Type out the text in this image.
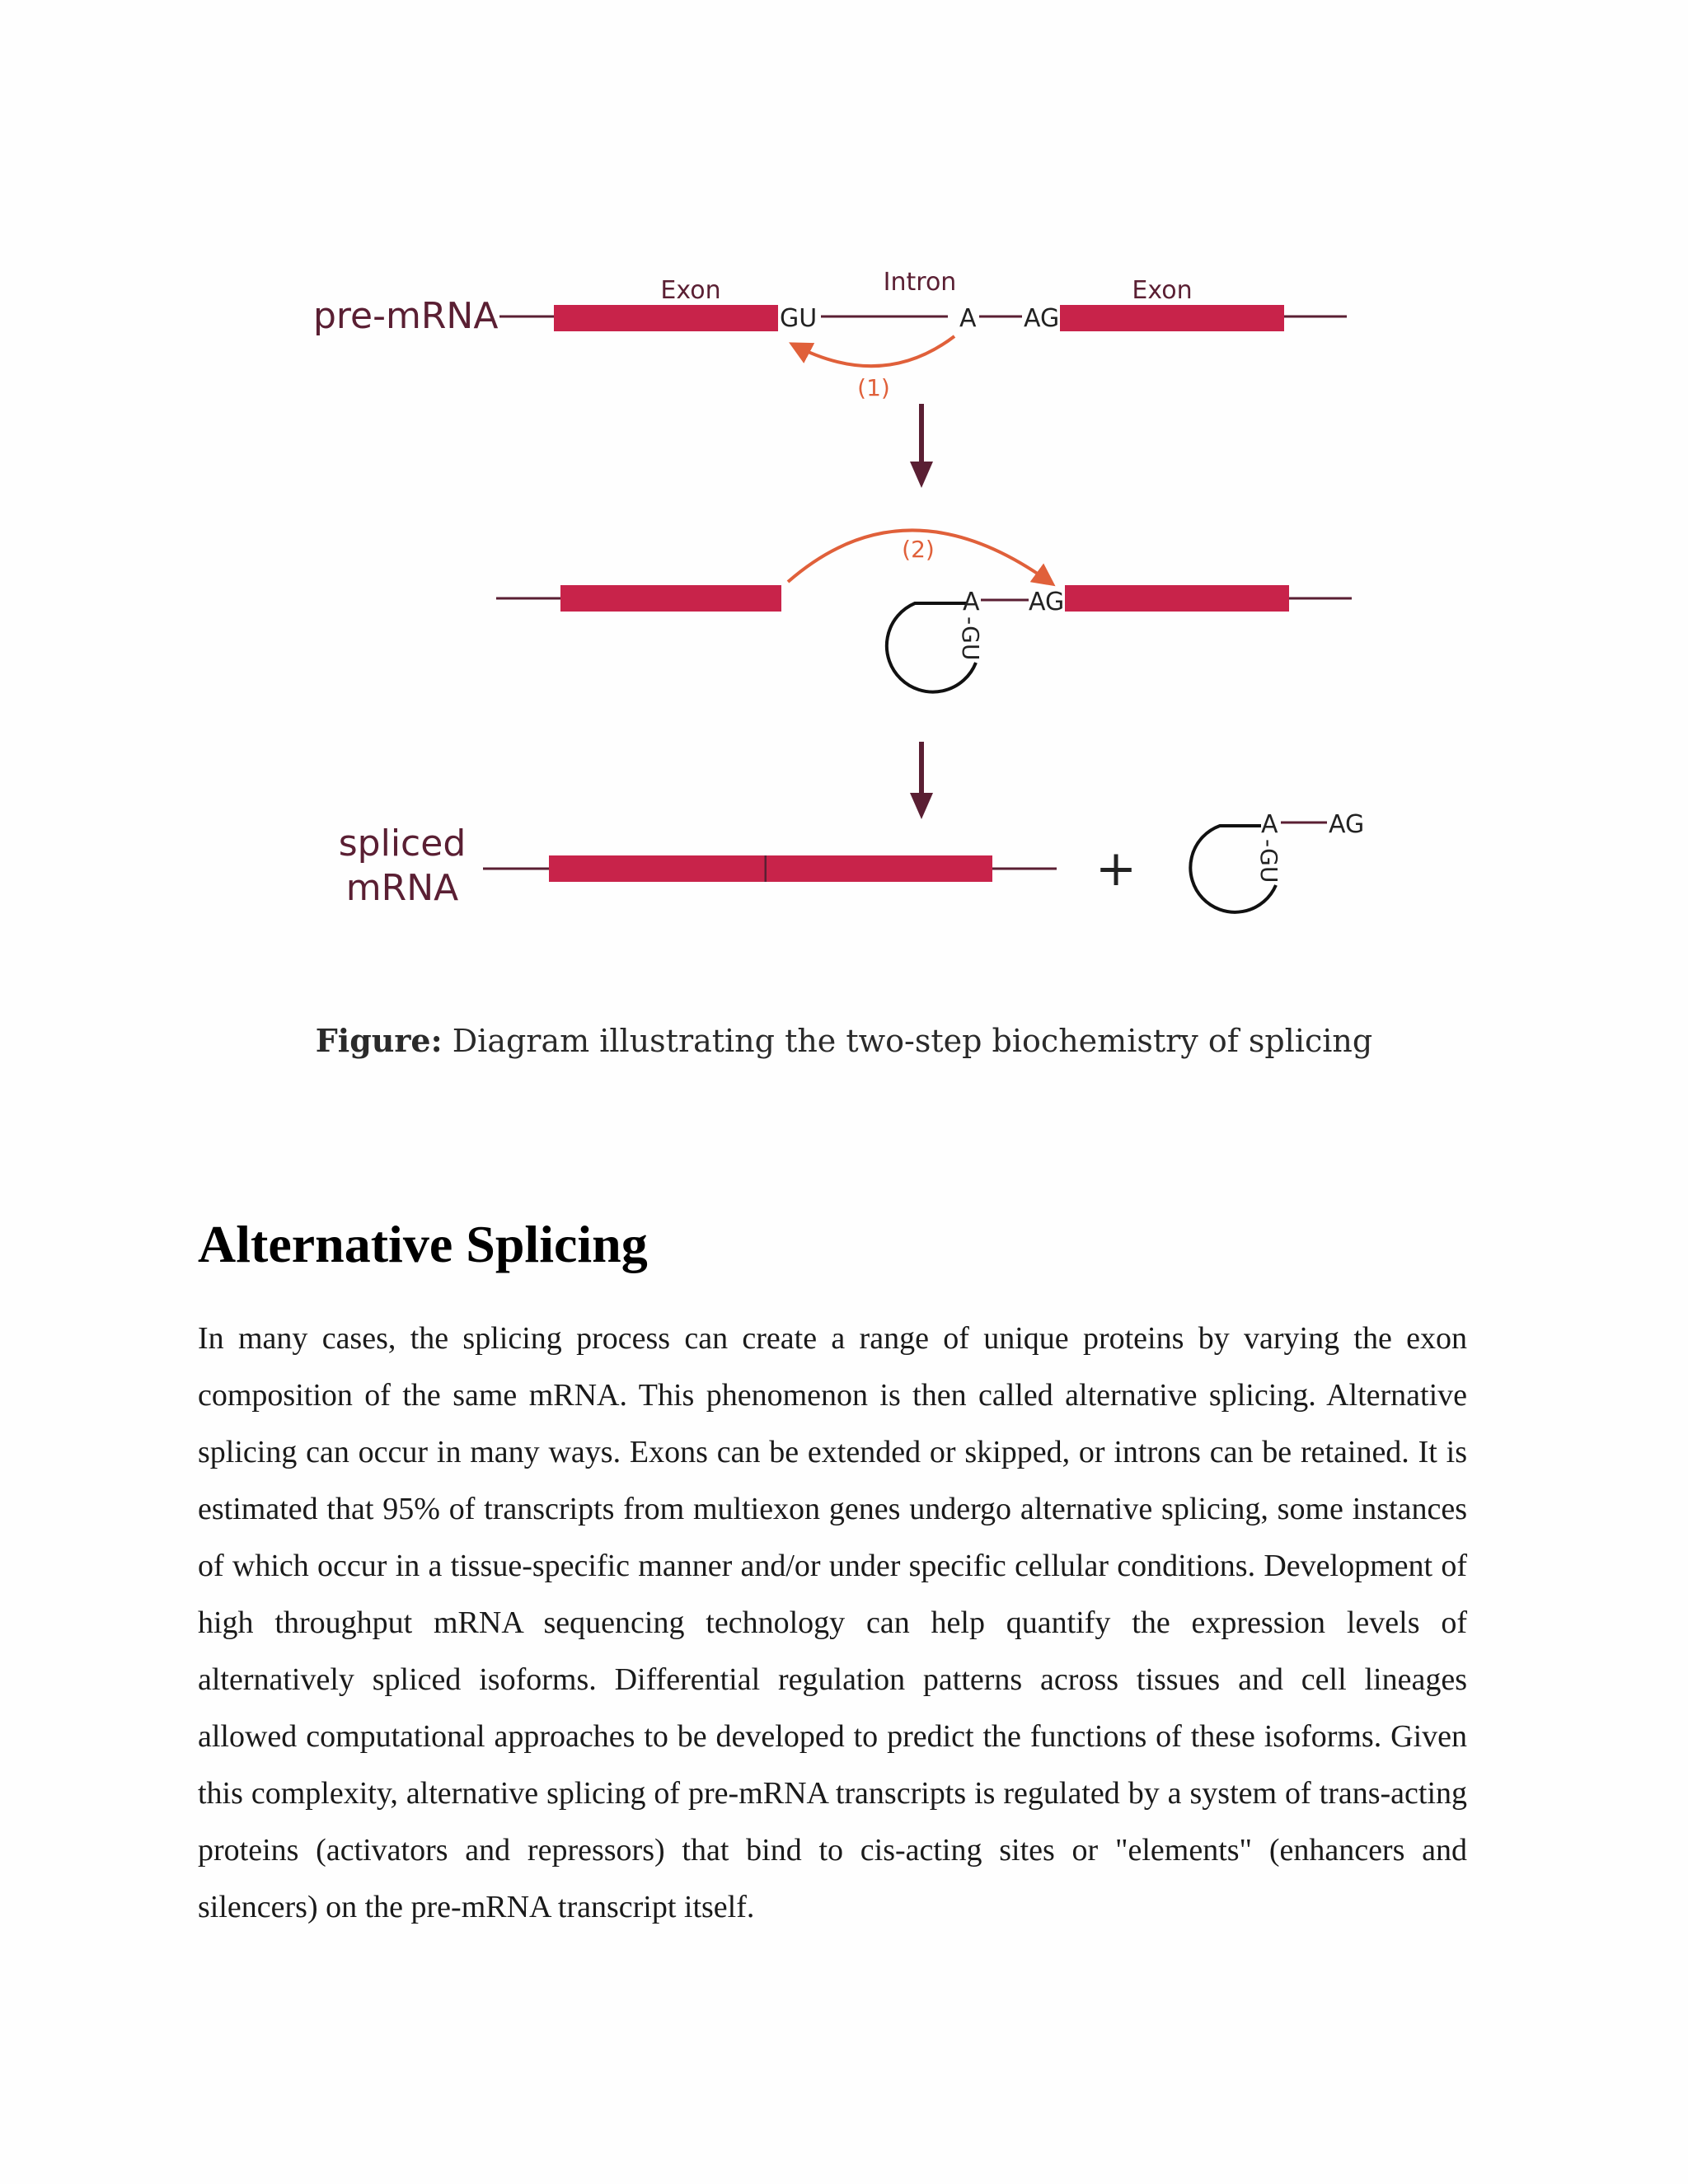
pre-mRNA
Exon
GU
Intron
A AG
Exon
(1)
(2)
A
-GU
AG
spliced
mRNA	+
A
-GU
AG
Figure: Diagram illustrating the two-step biochemistry of splicing
Alternative Splicing

In many cases, the splicing process can create a range of unique proteins by varying the exon composition of the same mRNA. This phenomenon is then called alternative splicing. Alternative splicing can occur in many ways. Exons can be extended or skipped, or introns can be retained. It is estimated that 95% of transcripts from multiexon genes undergo alternative splicing, some instances of which occur in a tissue-specific manner and/or under specific cellular conditions. Development of high throughput mRNA sequencing technology can help quantify the expression levels of alternatively spliced isoforms. Differential regulation patterns across tissues and cell lineages allowed computational approaches to be developed to predict the functions of these isoforms. Given this complexity, alternative splicing of pre-mRNA transcripts is regulated by a system of trans-acting proteins (activators and repressors) that bind to cis-acting sites or "elements" (enhancers and silencers) on the pre-mRNA transcript itself.
